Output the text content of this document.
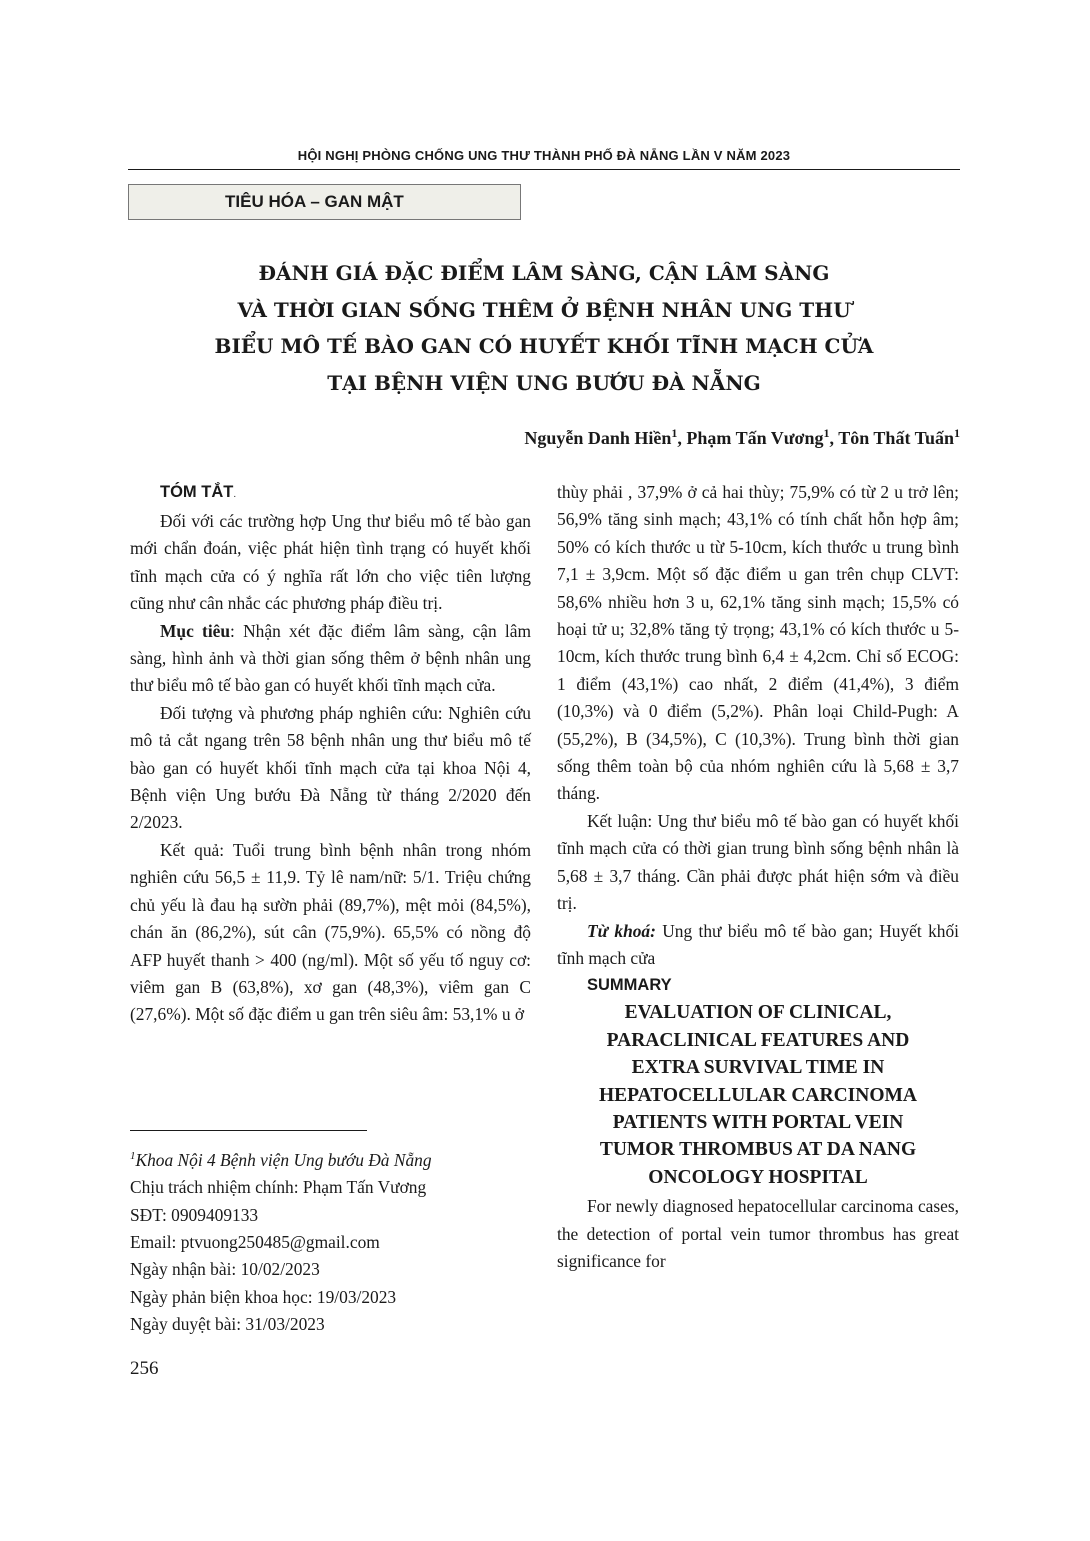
HỘI NGHỊ PHÒNG CHỐNG UNG THƯ THÀNH PHỐ ĐÀ NẴNG LẦN V NĂM 2023
TIÊU HÓA – GAN MẬT
ĐÁNH GIÁ ĐẶC ĐIỂM LÂM SÀNG, CẬN LÂM SÀNG
VÀ THỜI GIAN SỐNG THÊM Ở BỆNH NHÂN UNG THƯ
BIỂU MÔ TẾ BÀO GAN CÓ HUYẾT KHỐI TĨNH MẠCH CỬA
TẠI BỆNH VIỆN UNG BƯỚU ĐÀ NẴNG
Nguyễn Danh Hiền$^1$, Phạm Tấn Vương$^1$, Tôn Thất Tuấn$^1$

TÓM TẮT.

Đối với các trường hợp Ung thư biểu mô tế bào gan mới chẩn đoán, việc phát hiện tình trạng có huyết khối tĩnh mạch cửa có ý nghĩa rất lớn cho việc tiên lượng cũng như cân nhắc các phương pháp điều trị.

Mục tiêu: Nhận xét đặc điểm lâm sàng, cận lâm sàng, hình ảnh và thời gian sống thêm ở bệnh nhân ung thư biểu mô tế bào gan có huyết khối tĩnh mạch cửa.

Đối tượng và phương pháp nghiên cứu: Nghiên cứu mô tả cắt ngang trên 58 bệnh nhân ung thư biểu mô tế bào gan có huyết khối tĩnh mạch cửa tại khoa Nội 4, Bệnh viện Ung bướu Đà Nẵng từ tháng 2/2020 đến 2/2023.

Kết quả: Tuổi trung bình bệnh nhân trong nhóm nghiên cứu 56,5 ± 11,9. Tỷ lê nam/nữ: 5/1. Triệu chứng chủ yếu là đau hạ sườn phải (89,7%), mệt mỏi (84,5%), chán ăn (86,2%), sút cân (75,9%). 65,5% có nồng độ AFP huyết thanh > 400 (ng/ml). Một số yếu tố nguy cơ: viêm gan B (63,8%), xơ gan (48,3%), viêm gan C (27,6%). Một số đặc điểm u gan trên siêu âm: 53,1% u ở

thùy phải , 37,9% ở cả hai thùy; 75,9% có từ 2 u trở lên; 56,9% tăng sinh mạch; 43,1% có tính chất hỗn hợp âm; 50% có kích thước u từ 5-10cm, kích thước u trung bình 7,1 ± 3,9cm. Một số đặc điểm u gan trên chụp CLVT: 58,6% nhiều hơn 3 u, 62,1% tăng sinh mạch; 15,5% có hoại tử u; 32,8% tăng tỷ trọng; 43,1% có kích thước u 5-10cm, kích thước trung bình 6,4 ± 4,2cm. Chỉ số ECOG: 1 điểm (43,1%) cao nhất, 2 điểm (41,4%), 3 điểm (10,3%) và 0 điểm (5,2%). Phân loại Child-Pugh: A (55,2%), B (34,5%), C (10,3%). Trung bình thời gian sống thêm toàn bộ của nhóm nghiên cứu là 5,68 ± 3,7 tháng.

Kết luận: Ung thư biểu mô tế bào gan có huyết khối tĩnh mạch cửa có thời gian trung bình sống bệnh nhân là 5,68 ± 3,7 tháng. Cần phải được phát hiện sớm và điều trị.

Từ khoá: Ung thư biểu mô tế bào gan; Huyết khối tĩnh mạch cửa

SUMMARY

EVALUATION OF CLINICAL,
PARACLINICAL FEATURES AND
EXTRA SURVIVAL TIME IN
HEPATOCELLULAR CARCINOMA
PATIENTS WITH PORTAL VEIN
TUMOR THROMBUS AT DA NANG
ONCOLOGY HOSPITAL

For newly diagnosed hepatocellular carcinoma cases, the detection of portal vein tumor thrombus has great significance for

$^1$Khoa Nội 4 Bệnh viện Ung bướu Đà Nẵng
Chịu trách nhiệm chính: Phạm Tấn Vương
SĐT: 0909409133
Email: ptvuong250485@gmail.com
Ngày nhận bài: 10/02/2023
Ngày phản biện khoa học: 19/03/2023
Ngày duyệt bài: 31/03/2023
256
